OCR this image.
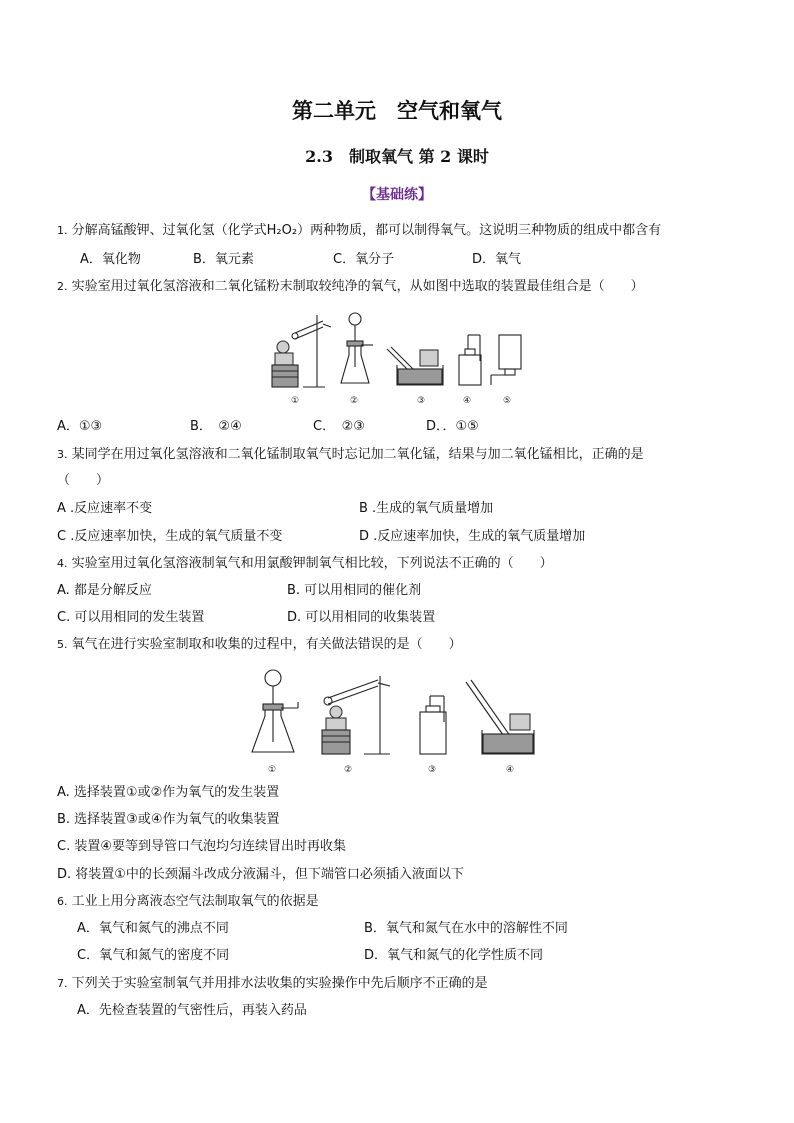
第二单元　空气和氧气
2.3　制取氧气 第 2 课时
【基础练】
1. 分解高锰酸钾、过氧化氢（化学式H₂O₂）两种物质，都可以制得氧气。这说明三种物质的组成中都含有
A．氧化物	B．氧元素	C．氧分子	D．氧气
2. 实验室用过氧化氢溶液和二氧化锰粉末制取较纯净的氧气，从如图中选取的装置最佳组合是（　　）
①	②	③	④	⑤
A．①③	B．　②④	C．　②③	D．．①⑤
3. 某同学在用过氧化氢溶液和二氧化锰制取氧气时忘记加二氧化锰，结果与加二氧化锰相比，正确的是
（　　）
A .反应速率不变	B .生成的氧气质量增加
C .反应速率加快，生成的氧气质量不变	D .反应速率加快，生成的氧气质量增加
4. 实验室用过氧化氢溶液制氧气和用氯酸钾制氧气相比较，下列说法不正确的（　　）
A. 都是分解反应	B. 可以用相同的催化剂
C. 可以用相同的发生装置	D. 可以用相同的收集装置
5. 氧气在进行实验室制取和收集的过程中，有关做法错误的是（　　）
①	②	③	④
A. 选择装置①或②作为氧气的发生装置
B. 选择装置③或④作为氧气的收集装置
C. 装置④要等到导管口气泡均匀连续冒出时再收集
D. 将装置①中的长颈漏斗改成分液漏斗，但下端管口必须插入液面以下
6. 工业上用分离液态空气法制取氧气的依据是
A．氧气和氮气的沸点不同	B．氧气和氮气在水中的溶解性不同
C．氧气和氮气的密度不同	D．氧气和氮气的化学性质不同
7. 下列关于实验室制氧气并用排水法收集的实验操作中先后顺序不正确的是
A．先检查装置的气密性后，再装入药品
